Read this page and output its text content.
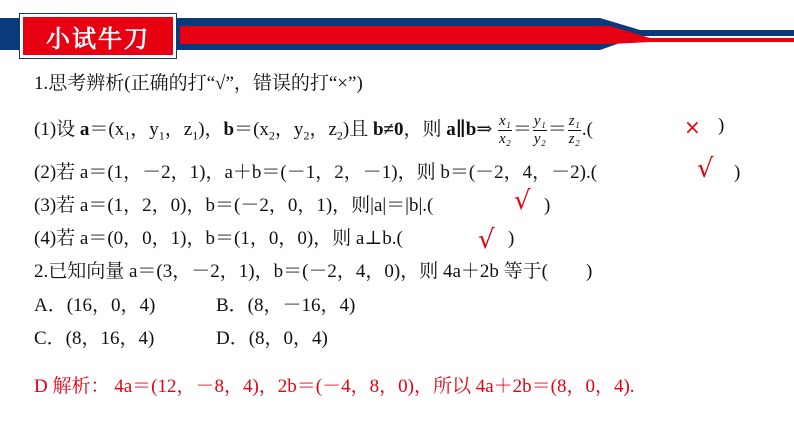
小试牛刀
1.思考辨析(正确的打“√”，错误的打“×”)
(1)设 $a=(x_1$，$y_1$，$z_1$)，$b=(x_2$，$y_2$，$z_2$)且 b≠0，则 a∥b⇒ $\frac{\text{x₁}}{\text{x₂}} = \frac{\text{y₁}}{\text{y₂}} = \frac{\text{z₁}}{\text{z₂}}$ .(	)
×
(2)若 a＝(1，－2，1)，a＋b＝(－1，2，－1)，则 b＝(－2，4，－2).(	)
√
(3)若 a＝(1，2，0)，b＝(－2，0，1)，则|a|＝|b|.(	)
√
(4)若 a＝(0，0，1)，b＝(1，0，0)，则 a⊥b.(	)
√
2.已知向量 a＝(3，－2，1)，b＝(－2，4，0)，则 4a＋2b 等于(　　)
A．(16，0，4)	B．(8，－16，4)
C．(8，16，4)	D．(8，0，4)
D 解析： 4a＝(12，－8，4)，2b＝(－4，8，0)，所以 4a＋2b＝(8，0，4).
